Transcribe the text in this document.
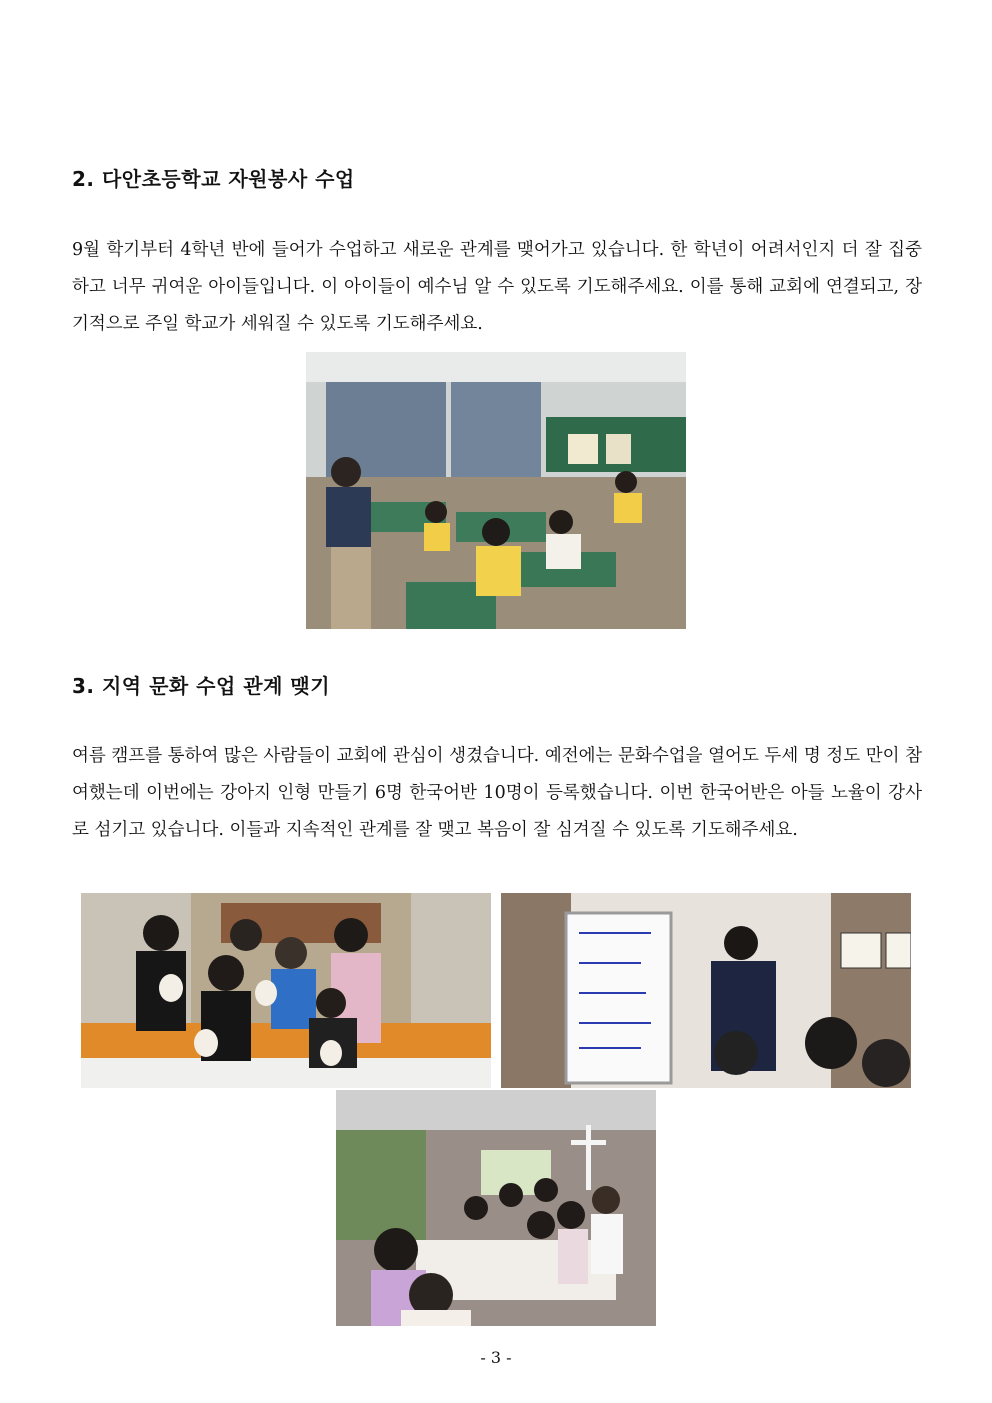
2. 다안초등학교 자원봉사 수업
9월 학기부터 4학년 반에 들어가 수업하고 새로운 관계를 맺어가고 있습니다. 한 학년이 어려서인지 더 잘 집중하고 너무 귀여운 아이들입니다. 이 아이들이 예수님 알 수 있도록 기도해주세요. 이를 통해 교회에 연결되고, 장기적으로 주일 학교가 세워질 수 있도록 기도해주세요.
3. 지역 문화 수업 관계 맺기
여름 캠프를 통하여 많은 사람들이 교회에 관심이 생겼습니다. 예전에는 문화수업을 열어도 두세 명 정도 만이 참여했는데 이번에는 강아지 인형 만들기 6명 한국어반 10명이 등록했습니다. 이번 한국어반은 아들 노율이 강사로 섬기고 있습니다. 이들과 지속적인 관계를 잘 맺고 복음이 잘 심겨질 수 있도록 기도해주세요.
- 3 -
